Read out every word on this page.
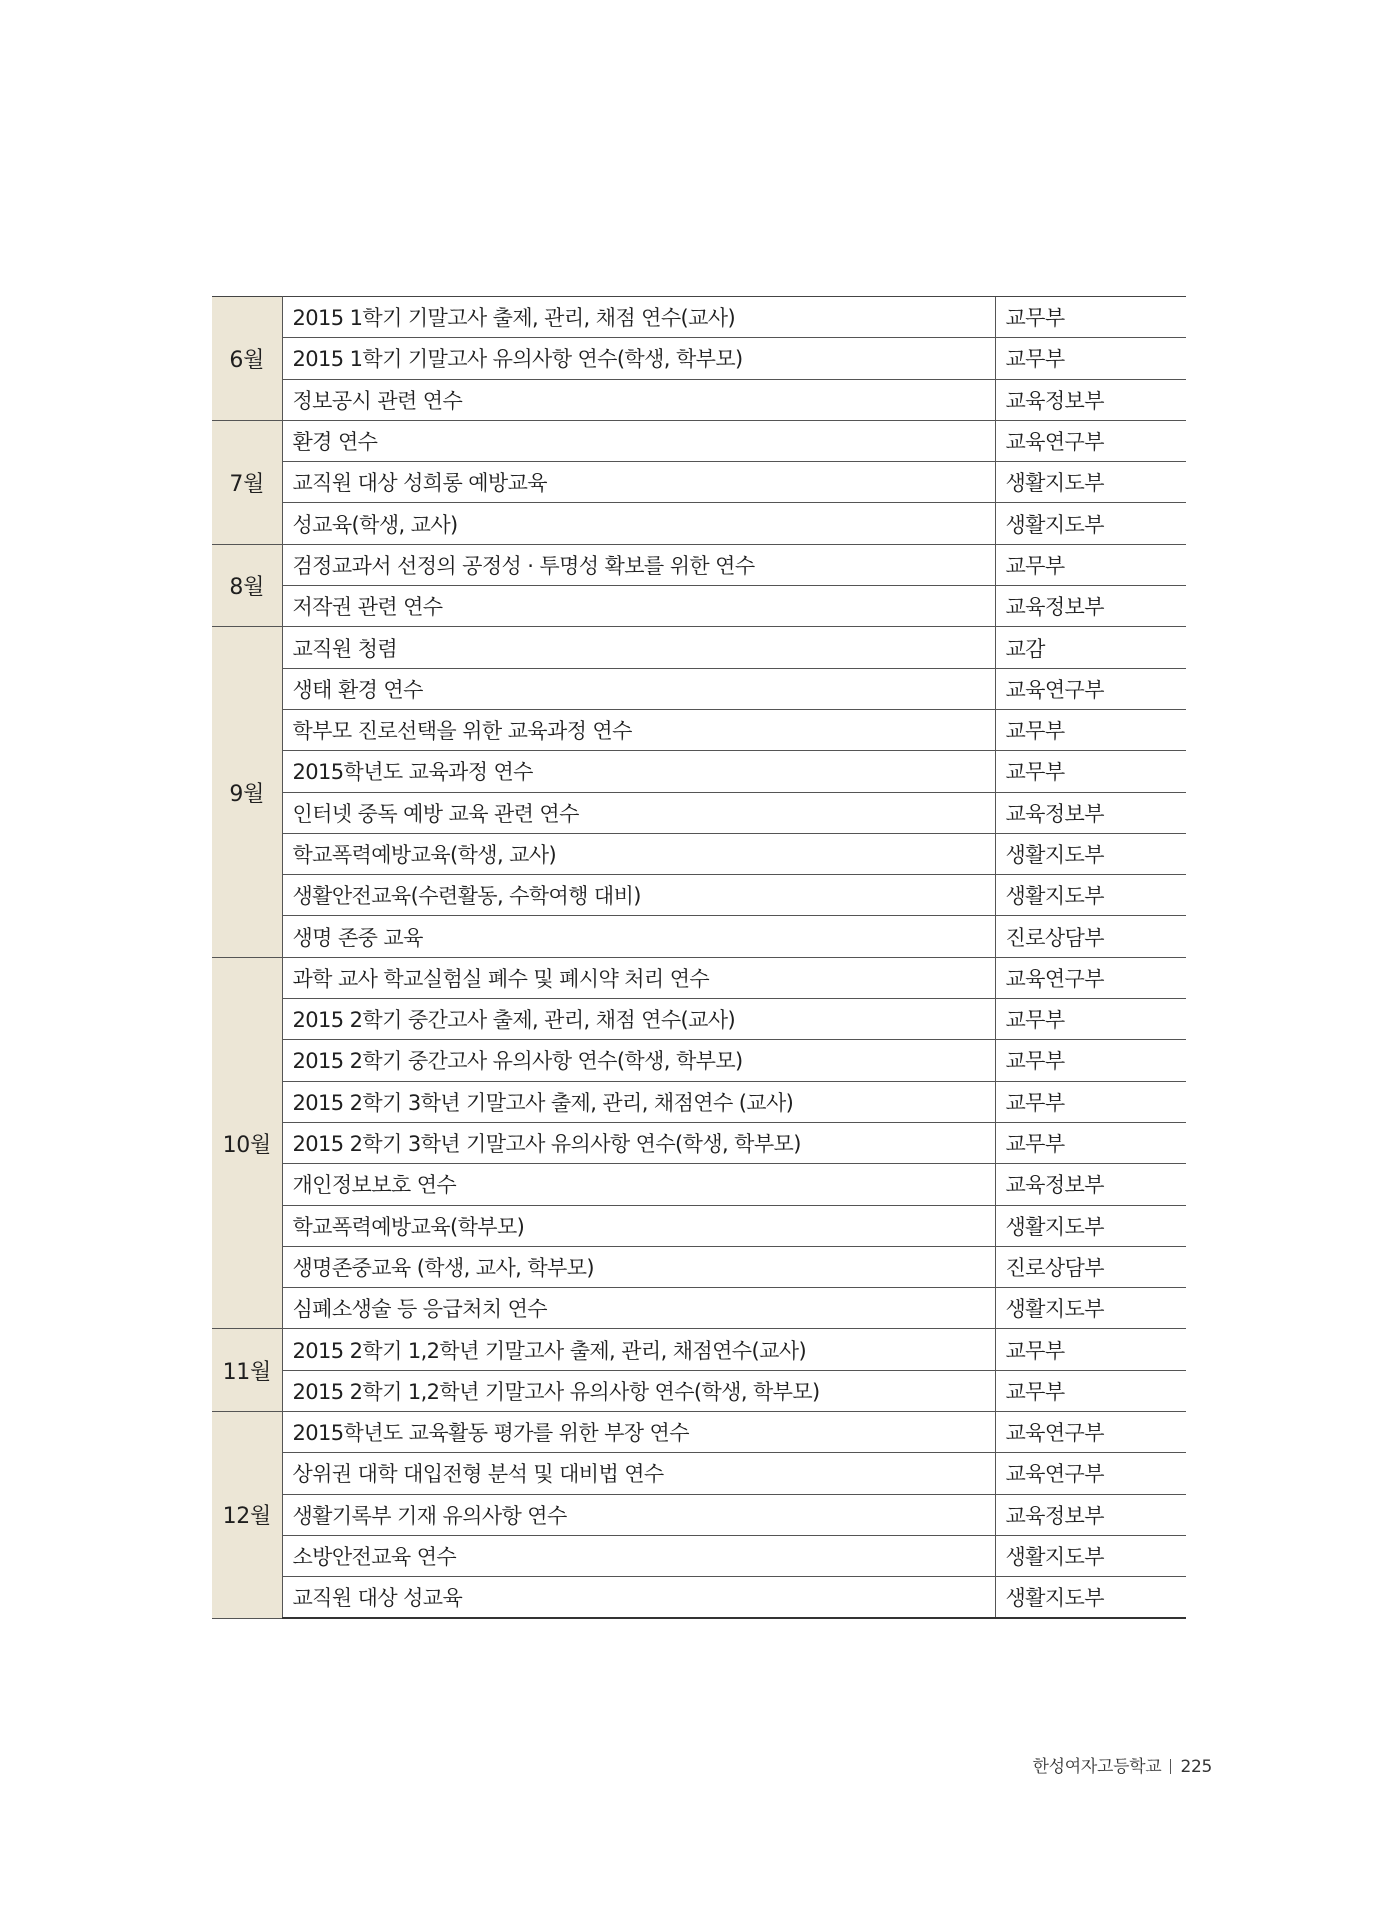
6월	2015 1학기 기말고사 출제, 관리, 채점 연수(교사)	교무부
	2015 1학기 기말고사 유의사항 연수(학생, 학부모)	교무부
	정보공시 관련 연수	교육정보부
7월	환경 연수	교육연구부
	교직원 대상 성희롱 예방교육	생활지도부
	성교육(학생, 교사)	생활지도부
8월	검정교과서 선정의 공정성 · 투명성 확보를 위한 연수	교무부
	저작권 관련 연수	교육정보부
9월	교직원 청렴	교감
	생태 환경 연수	교육연구부
	학부모 진로선택을 위한 교육과정 연수	교무부
	2015학년도 교육과정 연수	교무부
	인터넷 중독 예방 교육 관련 연수	교육정보부
	학교폭력예방교육(학생, 교사)	생활지도부
	생활안전교육(수련활동, 수학여행 대비)	생활지도부
	생명 존중 교육	진로상담부
10월	과학 교사 학교실험실 폐수 및 폐시약 처리 연수	교육연구부
	2015 2학기 중간고사 출제, 관리, 채점 연수(교사)	교무부
	2015 2학기 중간고사 유의사항 연수(학생, 학부모)	교무부
	2015 2학기 3학년 기말고사 출제, 관리, 채점연수 (교사)	교무부
	2015 2학기 3학년 기말고사 유의사항 연수(학생, 학부모)	교무부
	개인정보보호 연수	교육정보부
	학교폭력예방교육(학부모)	생활지도부
	생명존중교육 (학생, 교사, 학부모)	진로상담부
	심폐소생술 등 응급처치 연수	생활지도부
11월	2015 2학기 1,2학년 기말고사 출제, 관리, 채점연수(교사)	교무부
	2015 2학기 1,2학년 기말고사 유의사항 연수(학생, 학부모)	교무부
12월	2015학년도 교육활동 평가를 위한 부장 연수	교육연구부
	상위권 대학 대입전형 분석 및 대비법 연수	교육연구부
	생활기록부 기재 유의사항 연수	교육정보부
	소방안전교육 연수	생활지도부
	교직원 대상 성교육	생활지도부
한성여자고등학교 225
